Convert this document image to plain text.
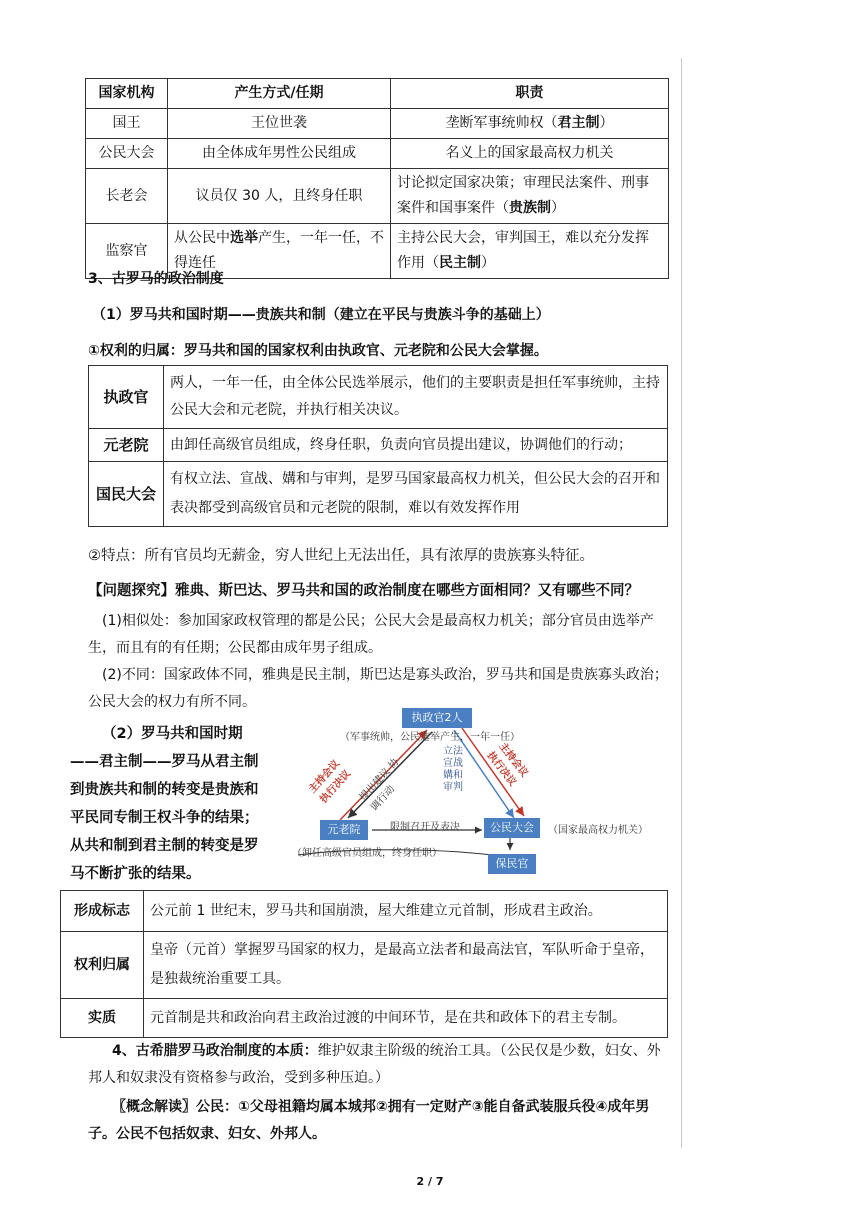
国家机构	产生方式/任期	职责
国王	王位世袭	垄断军事统帅权（君主制）
公民大会	由全体成年男性公民组成	名义上的国家最高权力机关
长老会	议员仅 30 人，且终身任职	讨论拟定国家决策；审理民法案件、刑事案件和国事案件（贵族制）
监察官	从公民中选举产生，一年一任，不得连任	主持公民大会，审判国王，难以充分发挥作用（民主制）
3、古罗马的政治制度
（1）罗马共和国时期——贵族共和制（建立在平民与贵族斗争的基础上）
①权利的归属：罗马共和国的国家权利由执政官、元老院和公民大会掌握。
执政官	两人，一年一任，由全体公民选举展示，他们的主要职责是担任军事统帅，主持公民大会和元老院，并执行相关决议。
元老院	由卸任高级官员组成，终身任职，负责向官员提出建议，协调他们的行动；
国民大会	有权立法、宣战、媾和与审判，是罗马国家最高权力机关，但公民大会的召开和表决都受到高级官员和元老院的限制，难以有效发挥作用
②特点：所有官员均无薪金，穷人世纪上无法出任，具有浓厚的贵族寡头特征。
【问题探究】雅典、斯巴达、罗马共和国的政治制度在哪些方面相同？又有哪些不同？

(1)相似处：参加国家政权管理的都是公民；公民大会是最高权力机关；部分官员由选举产生，而且有的有任期；公民都由成年男子组成。

(2)不同：国家政体不同，雅典是民主制，斯巴达是寡头政治，罗马共和国是贵族寡头政治；公民大会的权力有所不同。

（2）罗马共和国时期——君主制——罗马从君主制到贵族共和制的转变是贵族和平民同专制王权斗争的结果；从共和制到君主制的转变是罗马不断扩张的结果。

执政官2人
（军事统帅，公民选举产生，一年一任）
元老院
（卸任高级官员组成，终身任职）
公民大会	（国家最高权力机关）
保民官
主持会议 执行决议 提出建议 协调行动
立法 宣战 媾和 审判
主持会议 执行决议
限制召开及表决
形成标志	公元前 1 世纪末，罗马共和国崩溃，屋大维建立元首制，形成君主政治。
权利归属	皇帝（元首）掌握罗马国家的权力，是最高立法者和最高法官，军队听命于皇帝，是独裁统治重要工具。
实质	元首制是共和政治向君主政治过渡的中间环节，是在共和政体下的君主专制。

4、古希腊罗马政治制度的本质：维护奴隶主阶级的统治工具。（公民仅是少数，妇女、外邦人和奴隶没有资格参与政治，受到多种压迫。）

〖概念解读〗公民：①父母祖籍均属本城邦②拥有一定财产③能自备武装服兵役④成年男子。公民不包括奴隶、妇女、外邦人。

2 / 7
